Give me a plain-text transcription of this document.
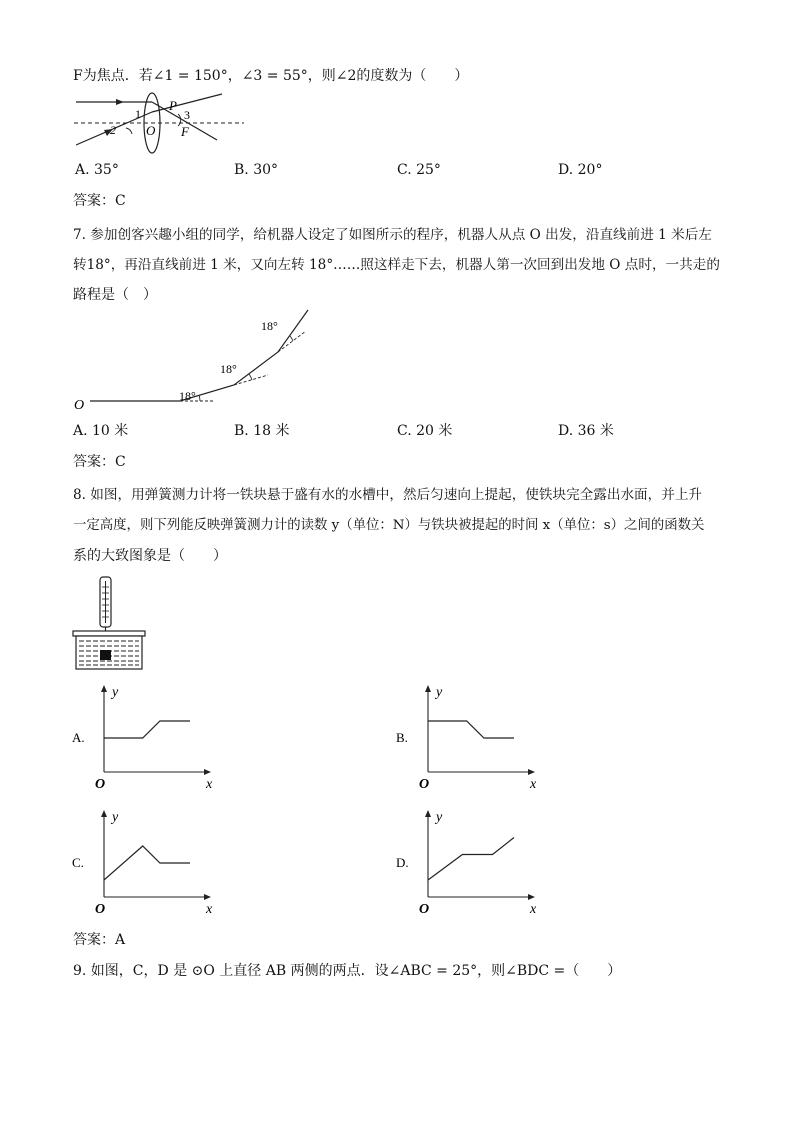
F为焦点．若∠1 = 150°，∠3 = 55°，则∠2的度数为（　　）
1
2
3
O
P
F
A. 35°	B. 30°	C. 25°	D. 20°
答案：C
7. 参加创客兴趣小组的同学，给机器人设定了如图所示的程序，机器人从点 O 出发，沿直线前进 1 米后左
转18°，再沿直线前进 1 米，又向左转 18°……照这样走下去，机器人第一次回到出发地 O 点时，一共走的
路程是（　）
O
18°
18°
18°
A. 10 米	B. 18 米	C. 20 米	D. 36 米
答案：C
8. 如图，用弹簧测力计将一铁块悬于盛有水的水槽中，然后匀速向上提起，使铁块完全露出水面，并上升
一定高度，则下列能反映弹簧测力计的读数 y（单位：N）与铁块被提起的时间 x（单位：s）之间的函数关
系的大致图象是（　　）
A.
x
y
O
B.
x
y
O
C.
x
y
O
D.
x
y
O
答案：A
9. 如图，C，D 是 ⊙O 上直径 AB 两侧的两点．设∠ABC = 25°，则∠BDC =（　　）
